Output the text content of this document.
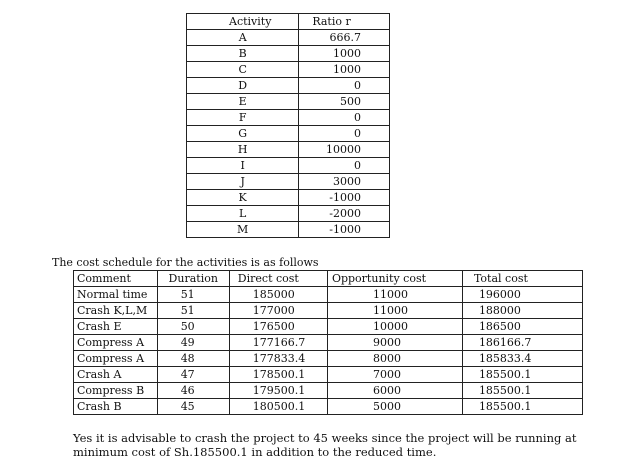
Activity	Ratio r
A	666.7
B	1000
C	1000
D	0
E	500
F	0
G	0
H	10000
I	0
J	3000
K	-1000
L	-2000
M	-1000
The cost schedule for the activities is as follows
Comment	Duration	Direct cost	Opportunity cost	Total cost
Normal time	51	185000	11000	196000
Crash K,L,M	51	177000	11000	188000
Crash E	50	176500	10000	186500
Compress A	49	177166.7	9000	186166.7
Compress A	48	177833.4	8000	185833.4
Crash A	47	178500.1	7000	185500.1
Compress B	46	179500.1	6000	185500.1
Crash B	45	180500.1	5000	185500.1
Yes it is advisable to crash the project to 45 weeks since the project will be running at minimum cost of Sh.185500.1 in addition to the reduced time.
